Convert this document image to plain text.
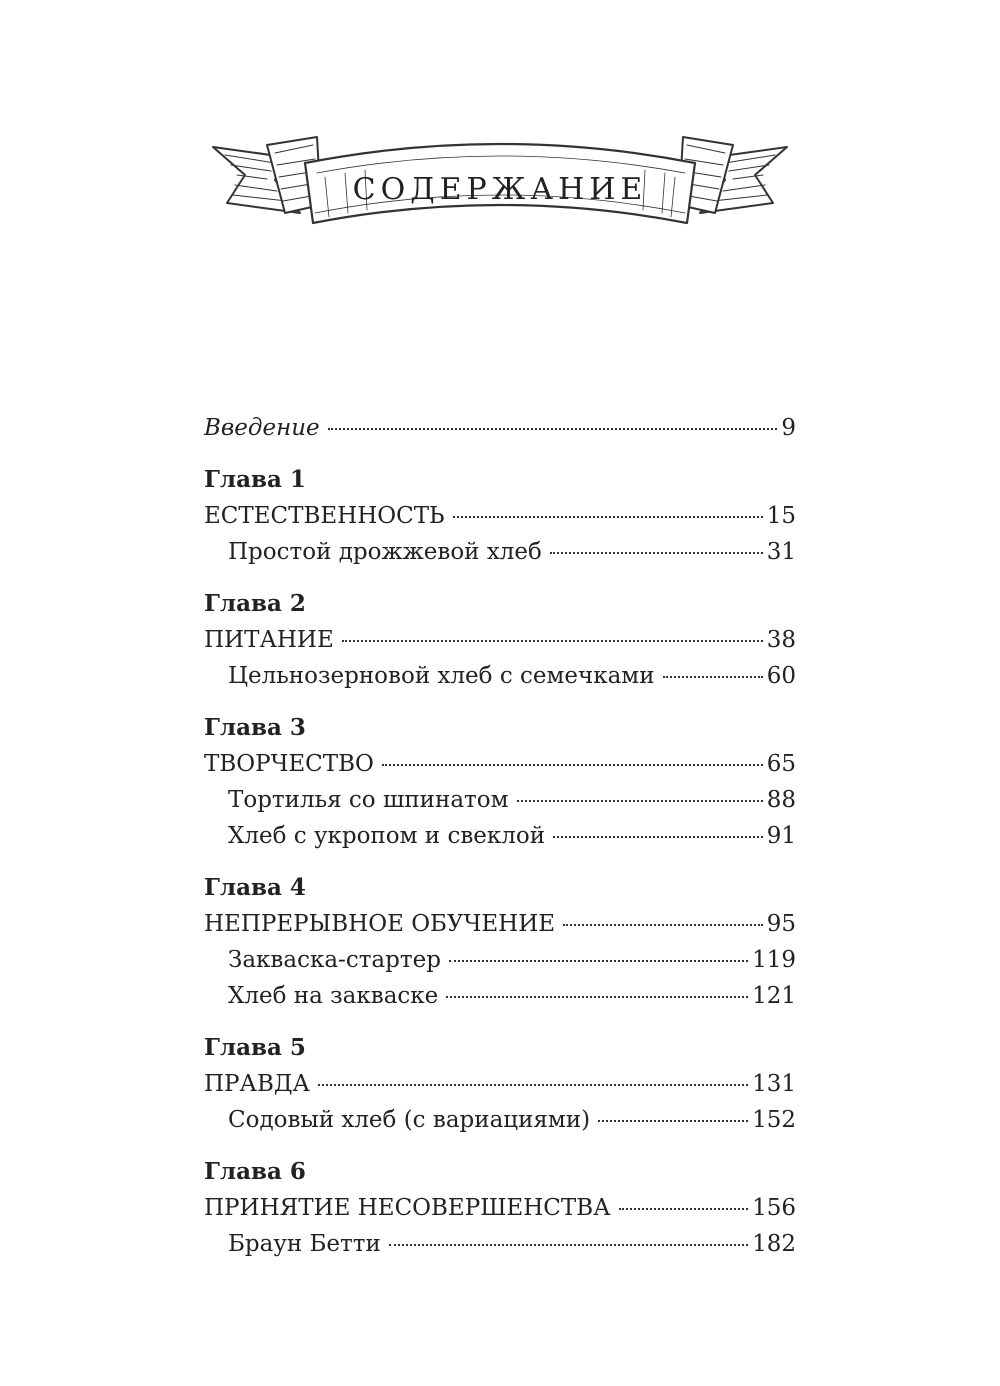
СОДЕРЖАНИЕ
Введение	9
Глава 1
ЕСТЕСТВЕННОСТЬ	15
Простой дрожжевой хлеб	31
Глава 2
ПИТАНИЕ	38
Цельнозерновой хлеб с семечками	60
Глава 3
ТВОРЧЕСТВО	65
Тортилья со шпинатом	88
Хлеб с укропом и свеклой	91
Глава 4
НЕПРЕРЫВНОЕ ОБУЧЕНИЕ	95
Закваска-стартер	119
Хлеб на закваске	121
Глава 5
ПРАВДА	131
Содовый хлеб (с вариациями)	152
Глава 6
ПРИНЯТИЕ НЕСОВЕРШЕНСТВА	156
Браун Бетти	182
